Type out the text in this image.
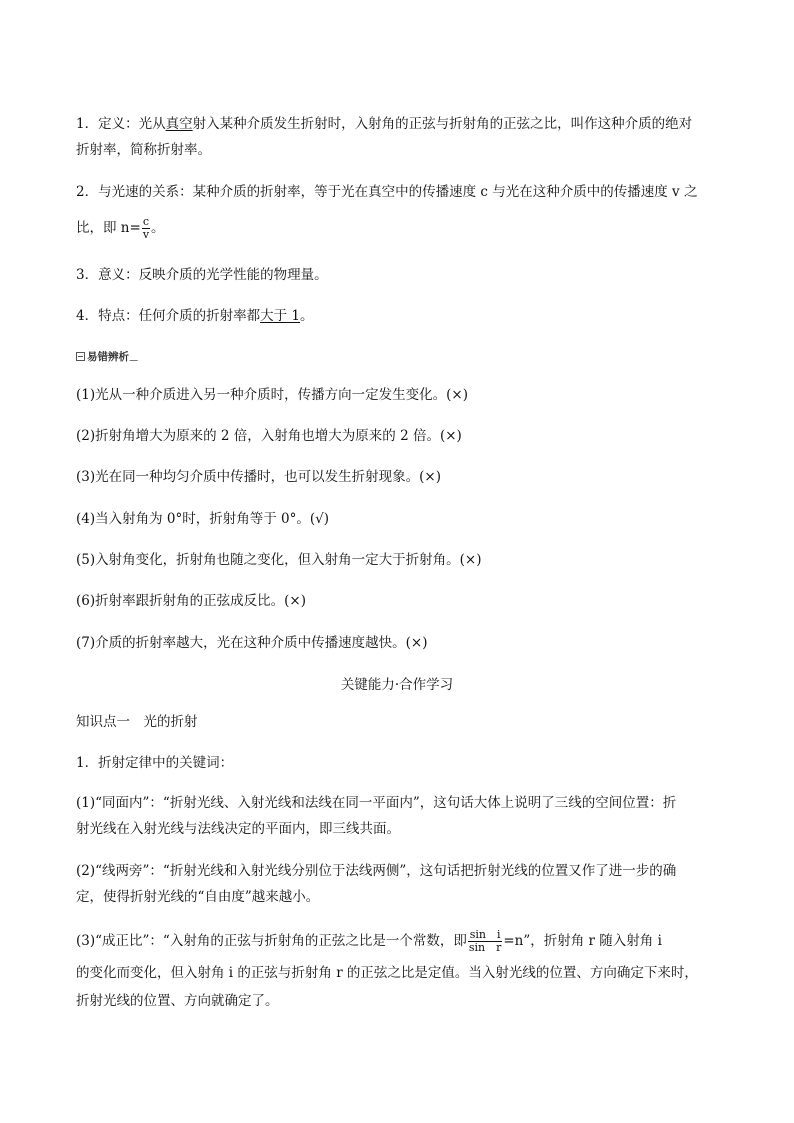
1．定义：光从真空射入某种介质发生折射时，入射角的正弦与折射角的正弦之比，叫作这种介质的绝对
折射率，简称折射率。
2．与光速的关系：某种介质的折射率，等于光在真空中的传播速度 c 与光在这种介质中的传播速度 v 之
比，即 $n= \frac{c}{v}$ 。
3．意义：反映介质的光学性能的物理量。
4．特点：任何介质的折射率都大于 1。
易错辨析
(1)光从一种介质进入另一种介质时，传播方向一定发生变化。(×)
(2)折射角增大为原来的 2 倍，入射角也增大为原来的 2 倍。(×)
(3)光在同一种均匀介质中传播时，也可以发生折射现象。(×)
(4)当入射角为 0°时，折射角等于 0°。(√)
(5)入射角变化，折射角也随之变化，但入射角一定大于折射角。(×)
(6)折射率跟折射角的正弦成反比。(×)
(7)介质的折射率越大，光在这种介质中传播速度越快。(×)
关键能力·合作学习
知识点一　光的折射
1．折射定律中的关键词：
(1)“同面内”：“折射光线、入射光线和法线在同一平面内”，这句话大体上说明了三线的空间位置：折
射光线在入射光线与法线决定的平面内，即三线共面。
(2)“线两旁”：“折射光线和入射光线分别位于法线两侧”，这句话把折射光线的位置又作了进一步的确
定，使得折射光线的“自由度”越来越小。
(3)“成正比”：“入射角的正弦与折射角的正弦之比是一个常数，即 $\frac{\text{sin　i}}{\text{sin　r}} =n$”，折射角 r 随入射角 i
的变化而变化，但入射角 i 的正弦与折射角 r 的正弦之比是定值。当入射光线的位置、方向确定下来时，
折射光线的位置、方向就确定了。
